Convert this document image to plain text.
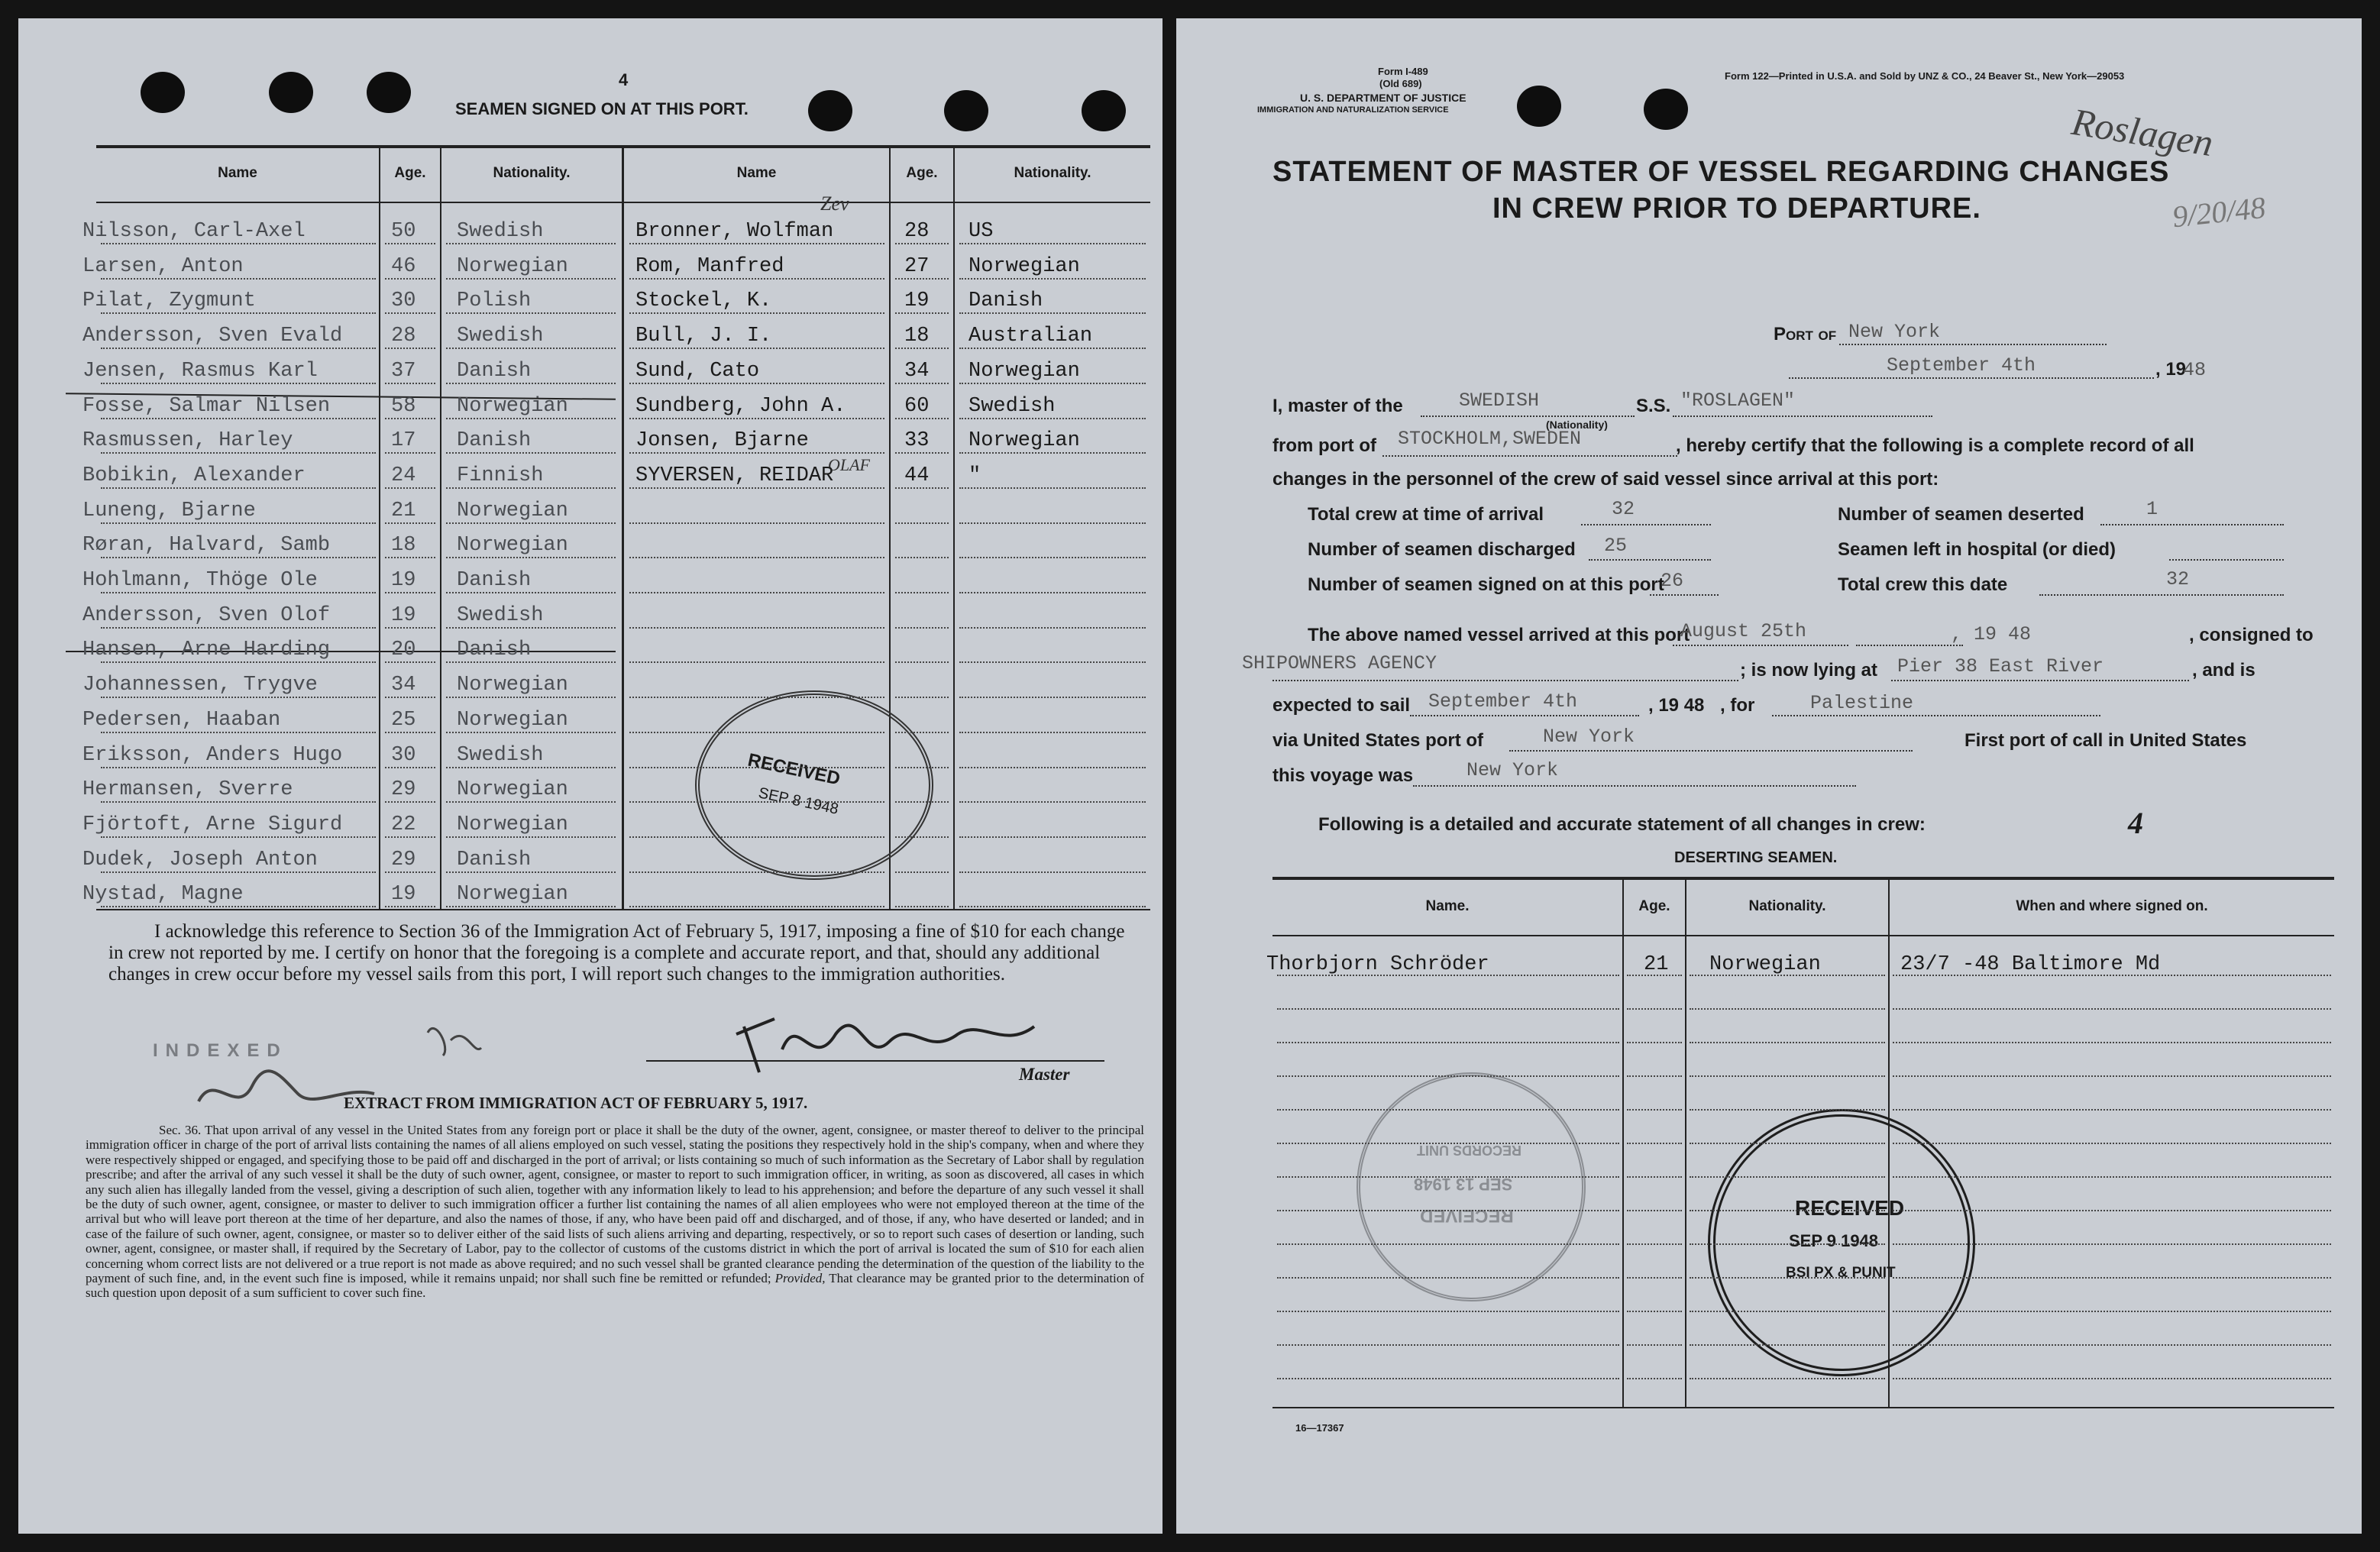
4
SEAMEN SIGNED ON AT THIS PORT.
Name	Age.	Nationality.	Name	Age.	Nationality.
Zev
OLAF
RECEIVED
SEP 8 1948
I acknowledge this reference to Section 36 of the Immigration Act of February 5, 1917, imposing a fine of $10 for each change in crew not reported by me. I certify on honor that the foregoing is a complete and accurate report, and that, should any additional changes in crew occur before my vessel sails from this port, I will report such changes to the immigration authorities.
INDEXED
Master
EXTRACT FROM IMMIGRATION ACT OF FEBRUARY 5, 1917.
Sec. 36. That upon arrival of any vessel in the United States from any foreign port or place it shall be the duty of the owner, agent, consignee, or master thereof to deliver to the principal immigration officer in charge of the port of arrival lists containing the names of all aliens employed on such vessel, stating the positions they respectively hold in the ship's company, when and where they were respectively shipped or engaged, and specifying those to be paid off and discharged in the port of arrival; or lists containing so much of such information as the Secretary of Labor shall by regulation prescribe; and after the arrival of any such vessel it shall be the duty of such owner, agent, consignee, or master to report to such immigration officer, in writing, as soon as discovered, all cases in which any such alien has illegally landed from the vessel, giving a description of such alien, together with any information likely to lead to his apprehension; and before the departure of any such vessel it shall be the duty of such owner, agent, consignee, or master to deliver to such immigration officer a further list containing the names of all alien employees who were not employed thereon at the time of the arrival but who will leave port thereon at the time of her departure, and also the names of those, if any, who have been paid off and discharged, and of those, if any, who have deserted or landed; and in case of the failure of such owner, agent, consignee, or master so to deliver either of the said lists of such aliens arriving and departing, respectively, or so to report such cases of desertion or landing, such owner, agent, consignee, or master shall, if required by the Secretary of Labor, pay to the collector of customs of the customs district in which the port of arrival is located the sum of $10 for each alien concerning whom correct lists are not delivered or a true report is not made as above required; and no such vessel shall be granted clearance pending the determination of the question of the liability to the payment of such fine, and, in the event such fine is imposed, while it remains unpaid; nor shall such fine be remitted or refunded; Provided, That clearance may be granted prior to the determination of such question upon deposit of a sum sufficient to cover such fine.
Nilsson, Carl-Axel	50 Swedish
Larsen, Anton	46 Norwegian
Pilat, Zygmunt	30 Polish
Andersson, Sven Evald 28 Swedish
Jensen, Rasmus Karl	37 Danish
Fosse, Salmar Nilsen	58 Norwegian
Rasmussen, Harley	17 Danish
Bobikin, Alexander	24 Finnish
Luneng, Bjarne	21 Norwegian
Røran, Halvard, Samb	18 Norwegian
Hohlmann, Thöge Ole	19 Danish
Andersson, Sven Olof	19 Swedish
Hansen, Arne Harding	20 Danish
Johannessen, Trygve	34 Norwegian
Pedersen, Haaban	25 Norwegian
Eriksson, Anders Hugo 30 Swedish
Hermansen, Sverre	29 Norwegian
Fjörtoft, Arne Sigurd 22 Norwegian
Dudek, Joseph Anton	29 Danish
Nystad, Magne	19 Norwegian
Bronner, Wolfman	28 US
Rom, Manfred	27 Norwegian
Stockel, K.	19 Danish
Bull, J. I.	18 Australian
Sund, Cato	34 Norwegian
Sundberg, John A.	60 Swedish
Jonsen, Bjarne	33 Norwegian
SYVERSEN, REIDAR	44 "
Form I-489
(Old 689)
U. S. DEPARTMENT OF JUSTICE
IMMIGRATION AND NATURALIZATION SERVICE
Form 122—Printed in U.S.A. and Sold by UNZ & CO., 24 Beaver St., New York—29053
Roslagen
9/20/48
STATEMENT OF MASTER OF VESSEL REGARDING CHANGES
IN CREW PRIOR TO DEPARTURE.
Port of New York
September 4th	, 19
48
I, master of the	SWEDISH
(Nationality)
S.S. "ROSLAGEN"
from port of STOCKHOLM,SWEDEN	, hereby certify that the following is a complete record of all
changes in the personnel of the crew of said vessel since arrival at this port:
Total crew at time of arrival	32	Number of seamen deserted	1
Number of seamen discharged 25	Seamen left in hospital (or died)
Number of seamen signed on at this port
26	Total crew this date	32
The above named vessel arrived at this port
August 25th	, 19 48	, consigned to
SHIPOWNERS AGENCY	; is now lying at Pier 38 East River	, and is
expected to sail September 4th	, 19 48 , for	Palestine
via United States port of	New York	First port of call in United States
this voyage was	New York
Following is a detailed and accurate statement of all changes in crew:	4
DESERTING SEAMEN.
Name.	Age.	Nationality.	When and where signed on.
Thorbjorn Schröder	21 Norwegian	23/7 -48 Baltimore Md
RECEIVED
SEP 13 1948
RECORDS UNIT
RECEIVED
SEP 9 1948
BSI PX & PUNIT
16—17367
